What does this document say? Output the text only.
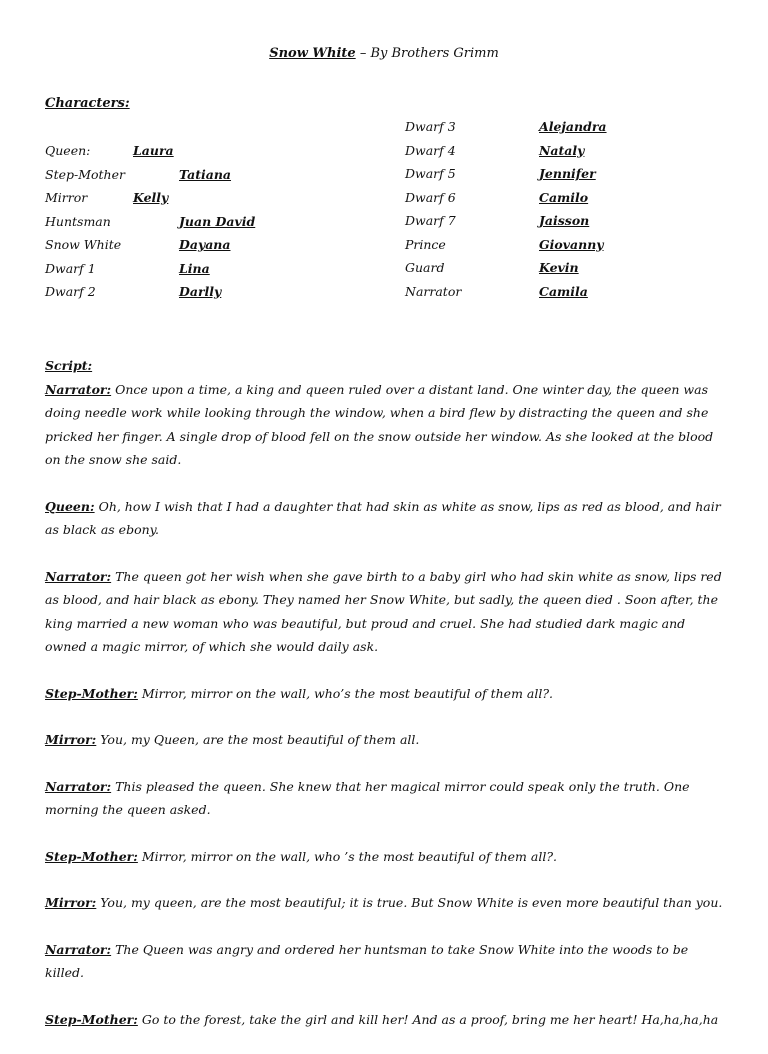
Snow White – By Brothers Grimm
Characters:
Queen:	Laura
Step-Mother	Tatiana
Mirror	Kelly
Huntsman	Juan David
Snow White	Dayana
Dwarf 1	Lina
Dwarf 2	Darlly
Dwarf 3	Alejandra
Dwarf 4	Nataly
Dwarf 5	Jennifer
Dwarf 6	Camilo
Dwarf 7	Jaisson
Prince	Giovanny
Guard	Kevin
Narrator	Camila
Script:

Narrator: Once upon a time, a king and queen ruled over a distant land. One winter day, the queen was doing needle work while looking through the window, when a bird flew by distracting the queen and she pricked her finger. A single drop of blood fell on the snow outside her window. As she looked at the blood on the snow she said.

Queen: Oh, how I wish that I had a daughter that had skin as white as snow, lips as red as blood, and hair as black as ebony.

Narrator: The queen got her wish when she gave birth to a baby girl who had skin white as snow, lips red as blood, and hair black as ebony. They named her Snow White, but sadly, the queen died . Soon after, the king married a new woman who was beautiful, but proud and cruel. She had studied dark magic and owned a magic mirror, of which she would daily ask.

Step-Mother: Mirror, mirror on the wall, who’s the most beautiful of them all?.

Mirror: You, my Queen, are the most beautiful of them all.

Narrator: This pleased the queen. She knew that her magical mirror could speak only the truth. One morning the queen asked.

Step-Mother: Mirror, mirror on the wall, who ’s the most beautiful of them all?.

Mirror: You, my queen, are the most beautiful; it is true. But Snow White is even more beautiful than you.

Narrator: The Queen was angry and ordered her huntsman to take Snow White into the woods to be killed.

Step-Mother: Go to the forest, take the girl and kill her! And as a proof, bring me her heart! Ha,ha,ha,ha
